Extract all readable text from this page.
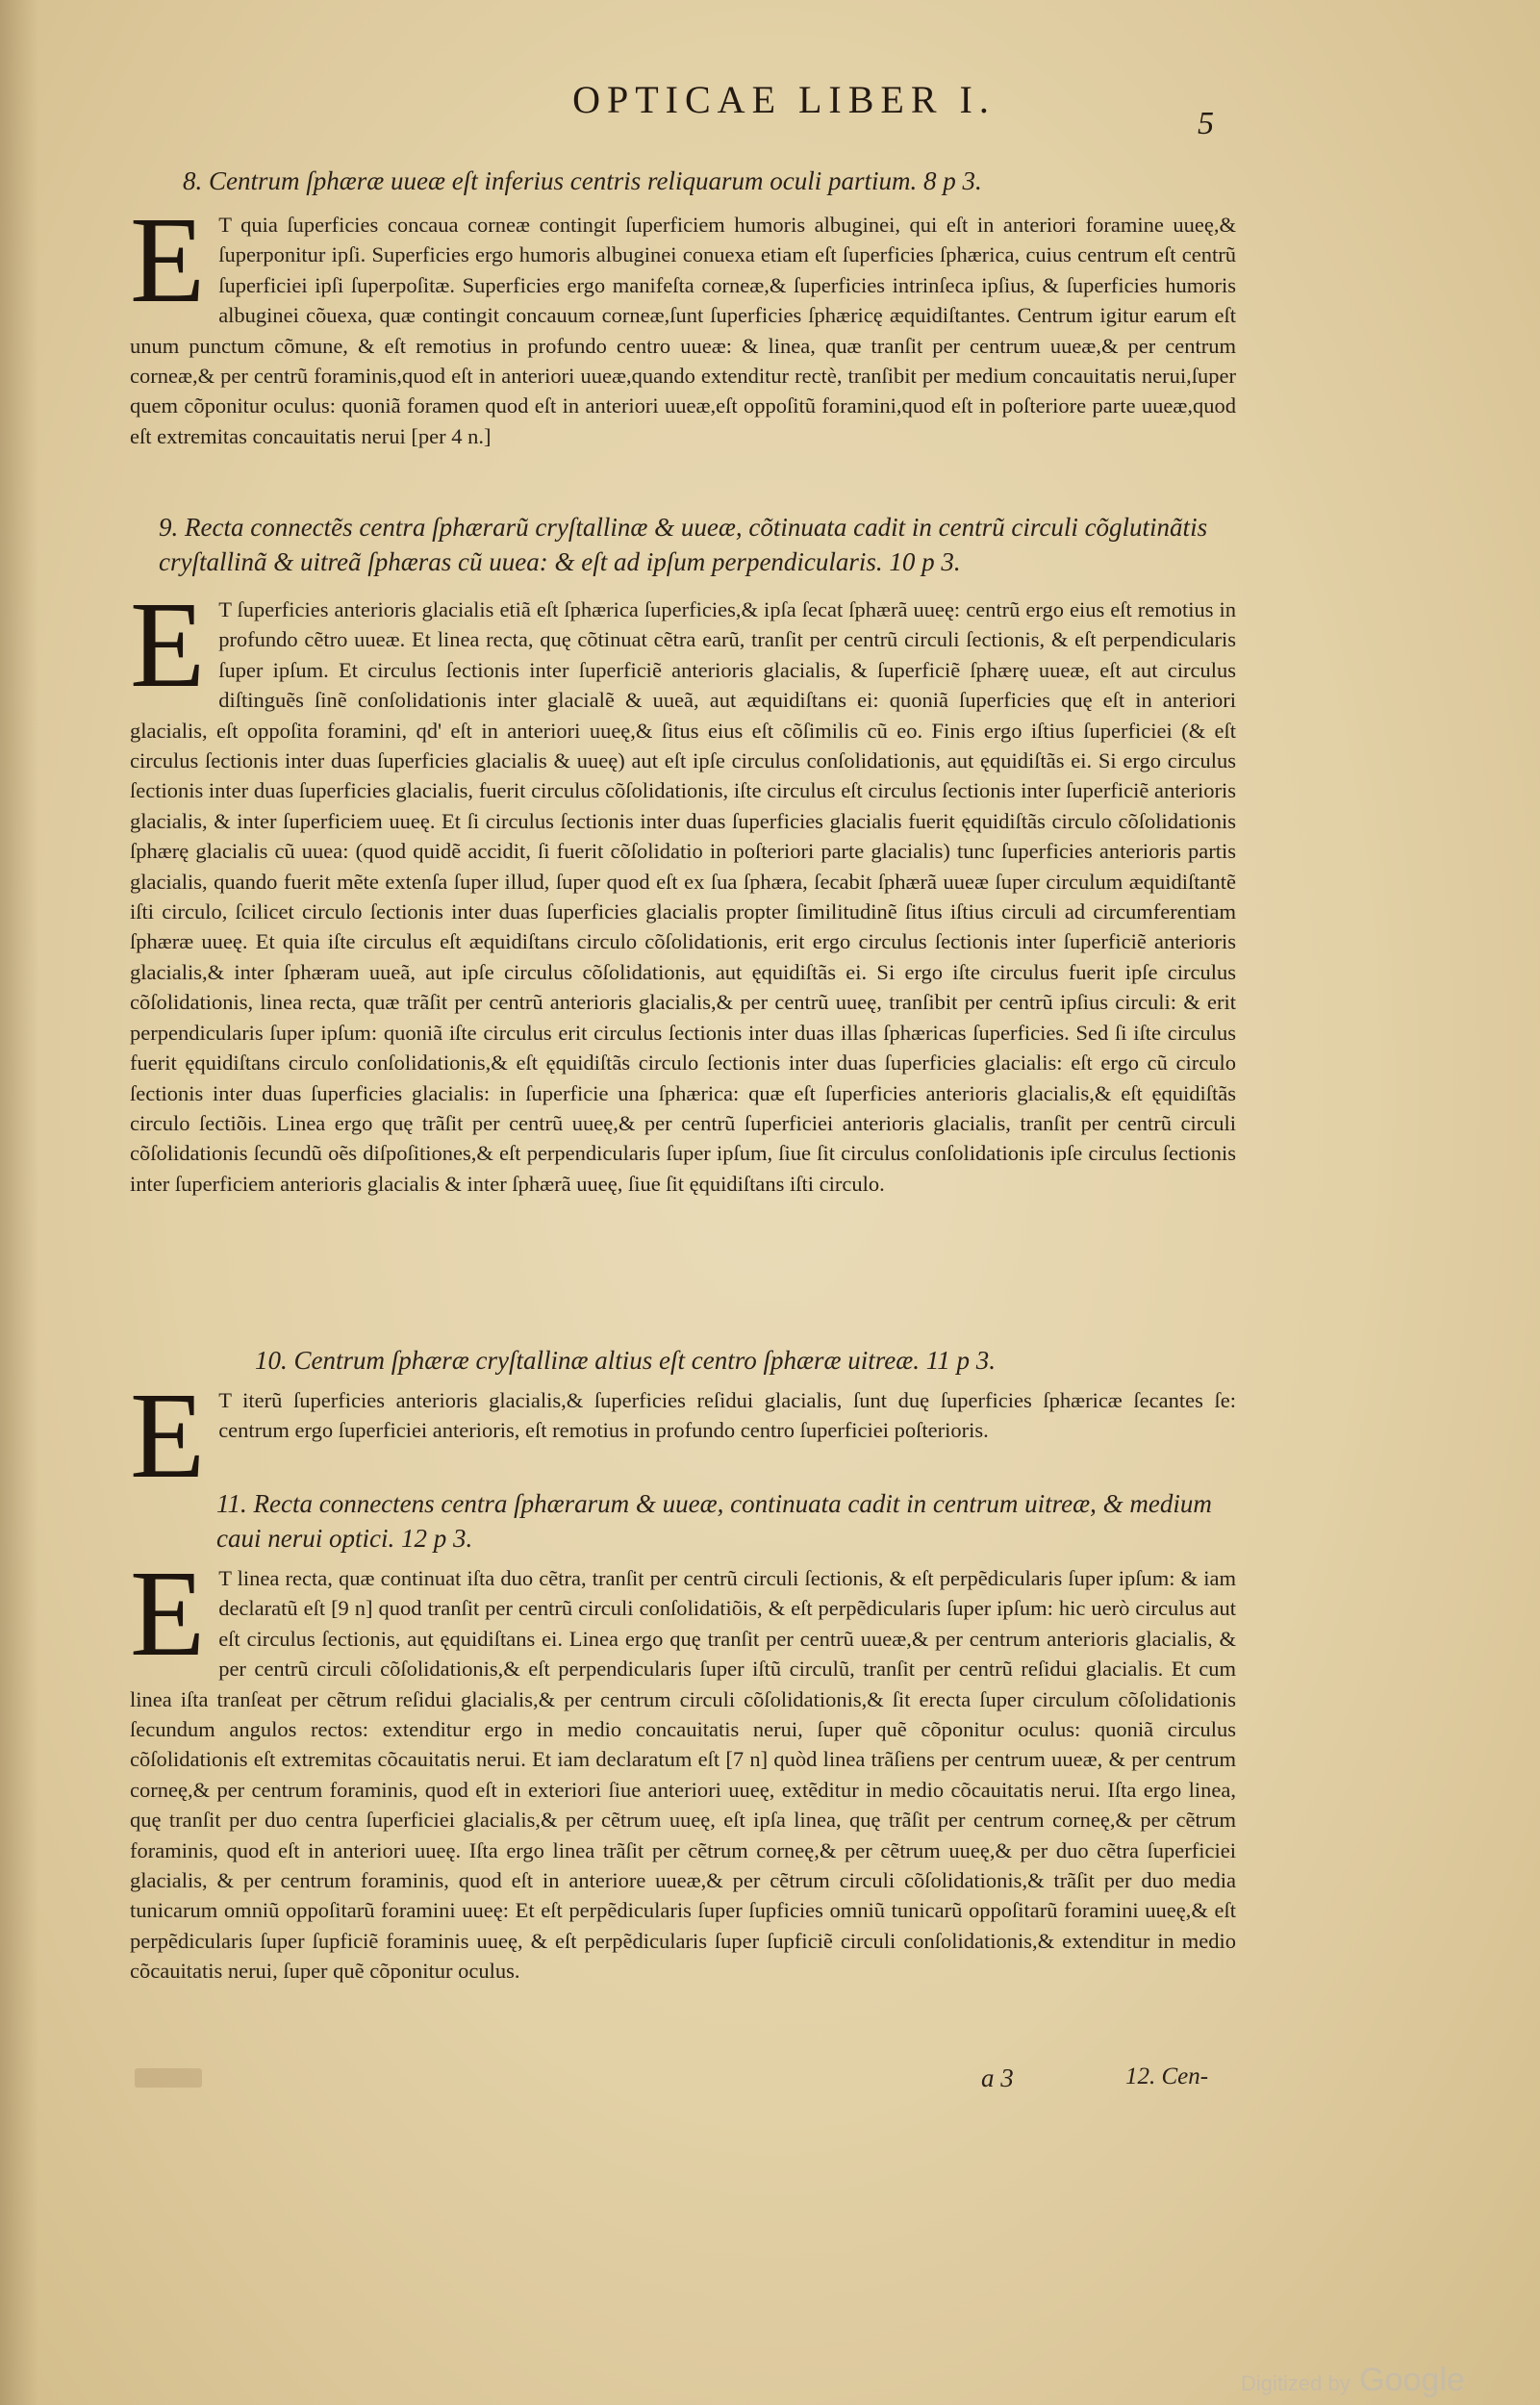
OPTICAE LIBER I.
5
8. Centrum ſphæræ uueæ eſt inferius centris reliquarum oculi partium. 8 p 3.
E T quia ſuperficies concaua corneæ contingit ſuperficiem humoris albuginei, qui eſt in anteriori foramine uueę,& ſuperponitur ipſi. Superficies ergo humoris albuginei conuexa etiam eſt ſuperficies ſphærica, cuius centrum eſt centrũ ſuperficiei ipſi ſuperpoſitæ. Superficies ergo manifeſta corneæ,& ſuperficies intrinſeca ipſius, & ſuperficies humoris albuginei cõuexa, quæ contingit concauum corneæ,ſunt ſuperficies ſphæricę æquidiſtantes. Centrum igitur earum eſt unum punctum cõmune, & eſt remotius in profundo centro uueæ: & linea, quæ tranſit per centrum uueæ,& per centrum corneæ,& per centrũ foraminis,quod eſt in anteriori uueæ,quando extenditur rectè, tranſibit per medium concauitatis nerui,ſuper quem cõponitur oculus: quoniã foramen quod eſt in anteriori uueæ,eſt oppoſitũ foramini,quod eſt in poſteriore parte uueæ,quod eſt extremitas concauitatis nerui [per 4 n.]
9. Recta connectẽs centra ſphærarũ cryſtallinæ & uueæ, cõtinuata cadit in centrũ circuli cõglutinãtis cryſtallinã & uitreã ſphæras cũ uuea: & eſt ad ipſum perpendicularis. 10 p 3.
E T ſuperficies anterioris glacialis etiã eſt ſphærica ſuperficies,& ipſa ſecat ſphærã uueę: centrũ ergo eius eſt remotius in profundo cẽtro uueæ. Et linea recta, quę cõtinuat cẽtra earũ, tranſit per centrũ circuli ſectionis, & eſt perpendicularis ſuper ipſum. Et circulus ſectionis inter ſuperficiẽ anterioris glacialis, & ſuperficiẽ ſphærę uueæ, eſt aut circulus diſtinguẽs ſinẽ conſolidationis inter glacialẽ & uueã, aut æquidiſtans ei: quoniã ſuperficies quę eſt in anteriori glacialis, eſt oppoſita foramini, qd' eſt in anteriori uueę,& ſitus eius eſt cõſimilis cũ eo. Finis ergo iſtius ſuperficiei (& eſt circulus ſectionis inter duas ſuperficies glacialis & uueę) aut eſt ipſe circulus conſolidationis, aut ęquidiſtãs ei. Si ergo circulus ſectionis inter duas ſuperficies glacialis, fuerit circulus cõſolidationis, iſte circulus eſt circulus ſectionis inter ſuperficiẽ anterioris glacialis, & inter ſuperficiem uueę. Et ſi circulus ſectionis inter duas ſuperficies glacialis fuerit ęquidiſtãs circulo cõſolidationis ſphærę glacialis cũ uuea: (quod quidẽ accidit, ſi fuerit cõſolidatio in poſteriori parte glacialis) tunc ſuperficies anterioris partis glacialis, quando fuerit mẽte extenſa ſuper illud, ſuper quod eſt ex ſua ſphæra, ſecabit ſphærã uueæ ſuper circulum æquidiſtantẽ iſti circulo, ſcilicet circulo ſectionis inter duas ſuperficies glacialis propter ſimilitudinẽ ſitus iſtius circuli ad circumferentiam ſphæræ uueę. Et quia iſte circulus eſt æquidiſtans circulo cõſolidationis, erit ergo circulus ſectionis inter ſuperficiẽ anterioris glacialis,& inter ſphæram uueã, aut ipſe circulus cõſolidationis, aut ęquidiſtãs ei. Si ergo iſte circulus fuerit ipſe circulus cõſolidationis, linea recta, quæ trãſit per centrũ anterioris glacialis,& per centrũ uueę, tranſibit per centrũ ipſius circuli: & erit perpendicularis ſuper ipſum: quoniã iſte circulus erit circulus ſectionis inter duas illas ſphæricas ſuperficies. Sed ſi iſte circulus fuerit ęquidiſtans circulo conſolidationis,& eſt ęquidiſtãs circulo ſectionis inter duas ſuperficies glacialis: eſt ergo cũ circulo ſectionis inter duas ſuperficies glacialis: in ſuperficie una ſphærica: quæ eſt ſuperficies anterioris glacialis,& eſt ęquidiſtãs circulo ſectiõis. Linea ergo quę trãſit per centrũ uueę,& per centrũ ſuperficiei anterioris glacialis, tranſit per centrũ circuli cõſolidationis ſecundũ oẽs diſpoſitiones,& eſt perpendicularis ſuper ipſum, ſiue ſit circulus conſolidationis ipſe circulus ſectionis inter ſuperficiem anterioris glacialis & inter ſphærã uueę, ſiue ſit ęquidiſtans iſti circulo.
10. Centrum ſphæræ cryſtallinæ altius eſt centro ſphæræ uitreæ. 11 p 3.
E T iterũ ſuperficies anterioris glacialis,& ſuperficies reſidui glacialis, ſunt duę ſuperficies ſphæricæ ſecantes ſe: centrum ergo ſuperficiei anterioris, eſt remotius in profundo centro ſuperficiei poſterioris.
11. Recta connectens centra ſphærarum & uueæ, continuata cadit in centrum uitreæ, & medium caui nerui optici. 12 p 3.
E T linea recta, quæ continuat iſta duo cẽtra, tranſit per centrũ circuli ſectionis, & eſt perpẽdicularis ſuper ipſum: & iam declaratũ eſt [9 n] quod tranſit per centrũ circuli conſolidatiõis, & eſt perpẽdicularis ſuper ipſum: hic uerò circulus aut eſt circulus ſectionis, aut ęquidiſtans ei. Linea ergo quę tranſit per centrũ uueæ,& per centrum anterioris glacialis, & per centrũ circuli cõſolidationis,& eſt perpendicularis ſuper iſtũ circulũ, tranſit per centrũ reſidui glacialis. Et cum linea iſta tranſeat per cẽtrum reſidui glacialis,& per centrum circuli cõſolidationis,& ſit erecta ſuper circulum cõſolidationis ſecundum angulos rectos: extenditur ergo in medio concauitatis nerui, ſuper quẽ cõponitur oculus: quoniã circulus cõſolidationis eſt extremitas cõcauitatis nerui. Et iam declaratum eſt [7 n] quòd linea trãſiens per centrum uueæ, & per centrum corneę,& per centrum foraminis, quod eſt in exteriori ſiue anteriori uueę, extẽditur in medio cõcauitatis nerui. Iſta ergo linea, quę tranſit per duo centra ſuperficiei glacialis,& per cẽtrum uueę, eſt ipſa linea, quę trãſit per centrum corneę,& per cẽtrum foraminis, quod eſt in anteriori uueę. Iſta ergo linea trãſit per cẽtrum corneę,& per cẽtrum uueę,& per duo cẽtra ſuperficiei glacialis, & per centrum foraminis, quod eſt in anteriore uueæ,& per cẽtrum circuli cõſolidationis,& trãſit per duo media tunicarum omniũ oppoſitarũ foramini uueę: Et eſt perpẽdicularis ſuper ſupficies omniũ tunicarũ oppoſitarũ foramini uueę,& eſt perpẽdicularis ſuper ſupficiẽ foraminis uueę, & eſt perpẽdicularis ſuper ſupficiẽ circuli conſolidationis,& extenditur in medio cõcauitatis nerui, ſuper quẽ cõponitur oculus.
a 3	12. Cen-
Digitized by Google
